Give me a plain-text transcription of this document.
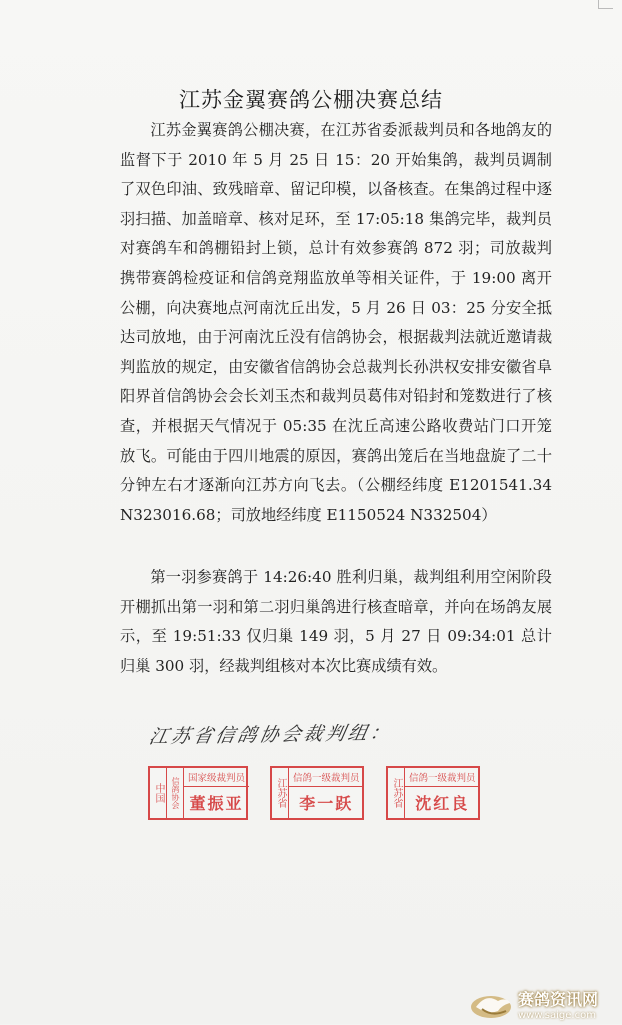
江苏金翼赛鸽公棚决赛总结

江苏金翼赛鸽公棚决赛，在江苏省委派裁判员和各地鸽友的监督下于 2010 年 5 月 25 日 15：20 开始集鸽，裁判员调制了双色印油、致残暗章、留记印模，以备核查。在集鸽过程中逐羽扫描、加盖暗章、核对足环，至 17:05:18 集鸽完毕，裁判员对赛鸽车和鸽棚铅封上锁，总计有效参赛鸽 872 羽；司放裁判携带赛鸽检疫证和信鸽竞翔监放单等相关证件，于 19:00 离开公棚，向决赛地点河南沈丘出发，5 月 26 日 03：25 分安全抵达司放地，由于河南沈丘没有信鸽协会，根据裁判法就近邀请裁判监放的规定，由安徽省信鸽协会总裁判长孙洪权安排安徽省阜阳界首信鸽协会会长刘玉杰和裁判员葛伟对铅封和笼数进行了核查，并根据天气情况于 05:35 在沈丘高速公路收费站门口开笼放飞。可能由于四川地震的原因，赛鸽出笼后在当地盘旋了二十分钟左右才逐渐向江苏方向飞去。（公棚经纬度 E1201541.34 N323016.68；司放地经纬度 E1150524 N332504）

第一羽参赛鸽于 14:26:40 胜利归巢，裁判组利用空闲阶段开棚抓出第一羽和第二羽归巢鸽进行核查暗章，并向在场鸽友展示，至 19:51:33 仅归巢 149 羽，5 月 27 日 09:34:01 总计归巢 300 羽，经裁判组核对本次比赛成绩有效。

江苏省信鸽协会裁判组：
中国 信鸽协会 国家级裁判员
董振亚	江苏省 信鸽一级裁判员
李一跃	江苏省 信鸽一级裁判员
沈红良
赛鸽资讯网
www.saige.com
